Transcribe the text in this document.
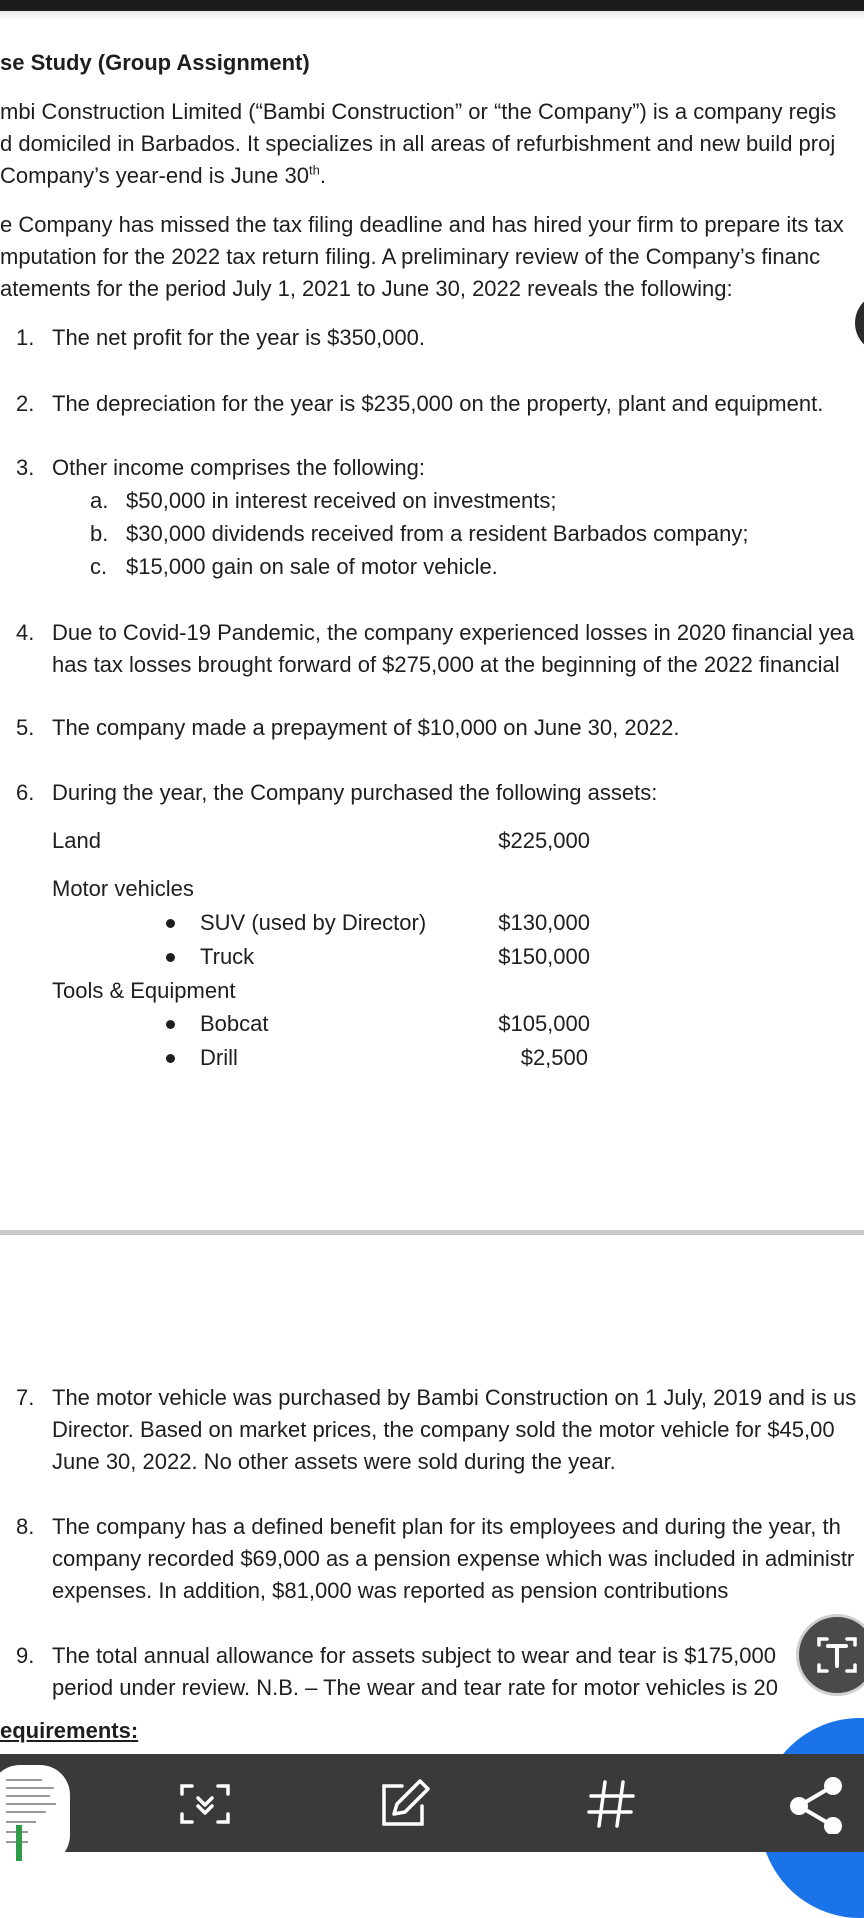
se Study (Group Assignment)
mbi Construction Limited (“Bambi Construction” or “the Company”) is a company regis
d domiciled in Barbados. It specializes in all areas of refurbishment and new build proj
Company’s year-end is June 30th.
e Company has missed the tax filing deadline and has hired your firm to prepare its tax
mputation for the 2022 tax return filing. A preliminary review of the Company’s financ
atements for the period July 1, 2021 to June 30, 2022 reveals the following:
1. The net profit for the year is $350,000.
2. The depreciation for the year is $235,000 on the property, plant and equipment.
3. Other income comprises the following:
a. $50,000 in interest received on investments;
b. $30,000 dividends received from a resident Barbados company;
c. $15,000 gain on sale of motor vehicle.
4. Due to Covid-19 Pandemic, the company experienced losses in 2020 financial yea
has tax losses brought forward of $275,000 at the beginning of the 2022 financial
5. The company made a prepayment of $10,000 on June 30, 2022.
6. During the year, the Company purchased the following assets:
Land	$225,000
Motor vehicles
SUV (used by Director)	$130,000
Truck	$150,000
Tools & Equipment
Bobcat	$105,000
Drill	$2,500
7. The motor vehicle was purchased by Bambi Construction on 1 July, 2019 and is us
Director. Based on market prices, the company sold the motor vehicle for $45,00
June 30, 2022. No other assets were sold during the year.
8. The company has a defined benefit plan for its employees and during the year, th
company recorded $69,000 as a pension expense which was included in administr
expenses. In addition, $81,000 was reported as pension contributions
9. The total annual allowance for assets subject to wear and tear is $175,000
period under review. N.B. – The wear and tear rate for motor vehicles is 20
equirements:
